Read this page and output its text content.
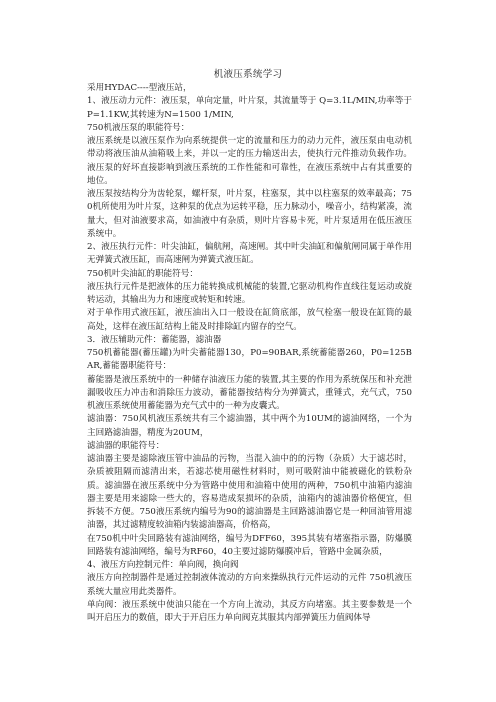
机液压系统学习
采用HYDAC----型液压站，
1、液压动力元件：液压泵，单向定量，叶片泵，其流量等于 Q=3.1L/MIN,功率等于P=1.1KW,其转速为N=1500 1/MIN,
750机液压泵的职能符号：
液压系统是以液压泵作为向系统提供一定的流量和压力的动力元件，液压泵由电动机带动将液压油从油箱吸上来，并以一定的压力输送出去，使执行元件推动负载作功。液压泵的好坏直接影响到液压系统的工作性能和可靠性，在液压系统中占有其重要的地位。
液压泵按结构分为齿轮泵，螺杆泵，叶片泵，柱塞泵，其中以柱塞泵的效率最高；750机所使用为叶片泵，这种泵的优点为运转平稳，压力脉动小，噪音小，结构紧凑，流量大，但对油液要求高，如油液中有杂质，则叶片容易卡死，叶片泵适用在低压液压系统中。
2、液压执行元件：叶尖油缸，偏航闸，高速闸。其中叶尖油缸和偏航闸同属于单作用无弹簧式液压缸，而高速闸为弹簧式液压缸。
750机叶尖油缸的职能符号：
液压执行元件是把液体的压力能转换成机械能的装置,它驱动机构作直线往复运动或旋转运动，其输出为力和速度或转矩和转速。
对于单作用式液压缸，液压油出入口一般设在缸筒底部，放气栓塞一般设在缸筒的最高处，这样在液压缸结构上能及时排除缸内留存的空气。
3．液压辅助元件：蓄能器，滤油器
750机蓄能器(蓄压罐)为叶尖蓄能器130，P0=90BAR,系统蓄能器260，P0=125BAR,蓄能器职能符号：
蓄能器是液压系统中的一种储存油液压力能的装置,其主要的作用为系统保压和补充泄漏吸收压力冲击和消除压力波动，蓄能器按结构分为弹簧式，重锤式，充气式，750机液压系统使用蓄能器为充气式中的一种为皮囊式。
滤油器：750风机液压系统共有三个滤油器，其中两个为10UM的滤油网络，一个为主回路滤油器，精度为20UM，
滤油器的职能符号：
滤油器主要是滤除液压管中油品的污物，当混入油中的的污物（杂质）大于滤芯时，杂质被阻隔而滤清出来，若滤芯使用磁性材料时，则可吸附油中能被磁化的铁粉杂质。滤油器在液压系统中分为管路中使用和油箱中使用的两种，750机中油箱内滤油器主要是用来滤除一些大的，容易造成泵损坏的杂质，油箱内的滤油器价格便宜，但拆装不方便。750液压系统内编号为90的滤油器是主回路滤油器它是一种回油管用滤油器，其过滤精度较油箱内装滤油器高，价格高，
在750机中叶尖回路装有滤油网络，编号为DFF60，395其装有堵塞指示器，防爆膜回路装有滤油网络，编号为RF60，40主要过滤防爆膜冲后，管路中金属杂质，
4、液压方向控制元件：单向阀，换向阀
液压方向控制器件是通过控制液体流动的方向来操纵执行元件运动的元件 750机液压系统大量应用此类器件。
单向阀：液压系统中使油只能在一个方向上流动，其反方向堵塞。其主要参数是一个叫开启压力的数值，即大于开启压力单向阀克其服其内部弹簧压力值阀体导
